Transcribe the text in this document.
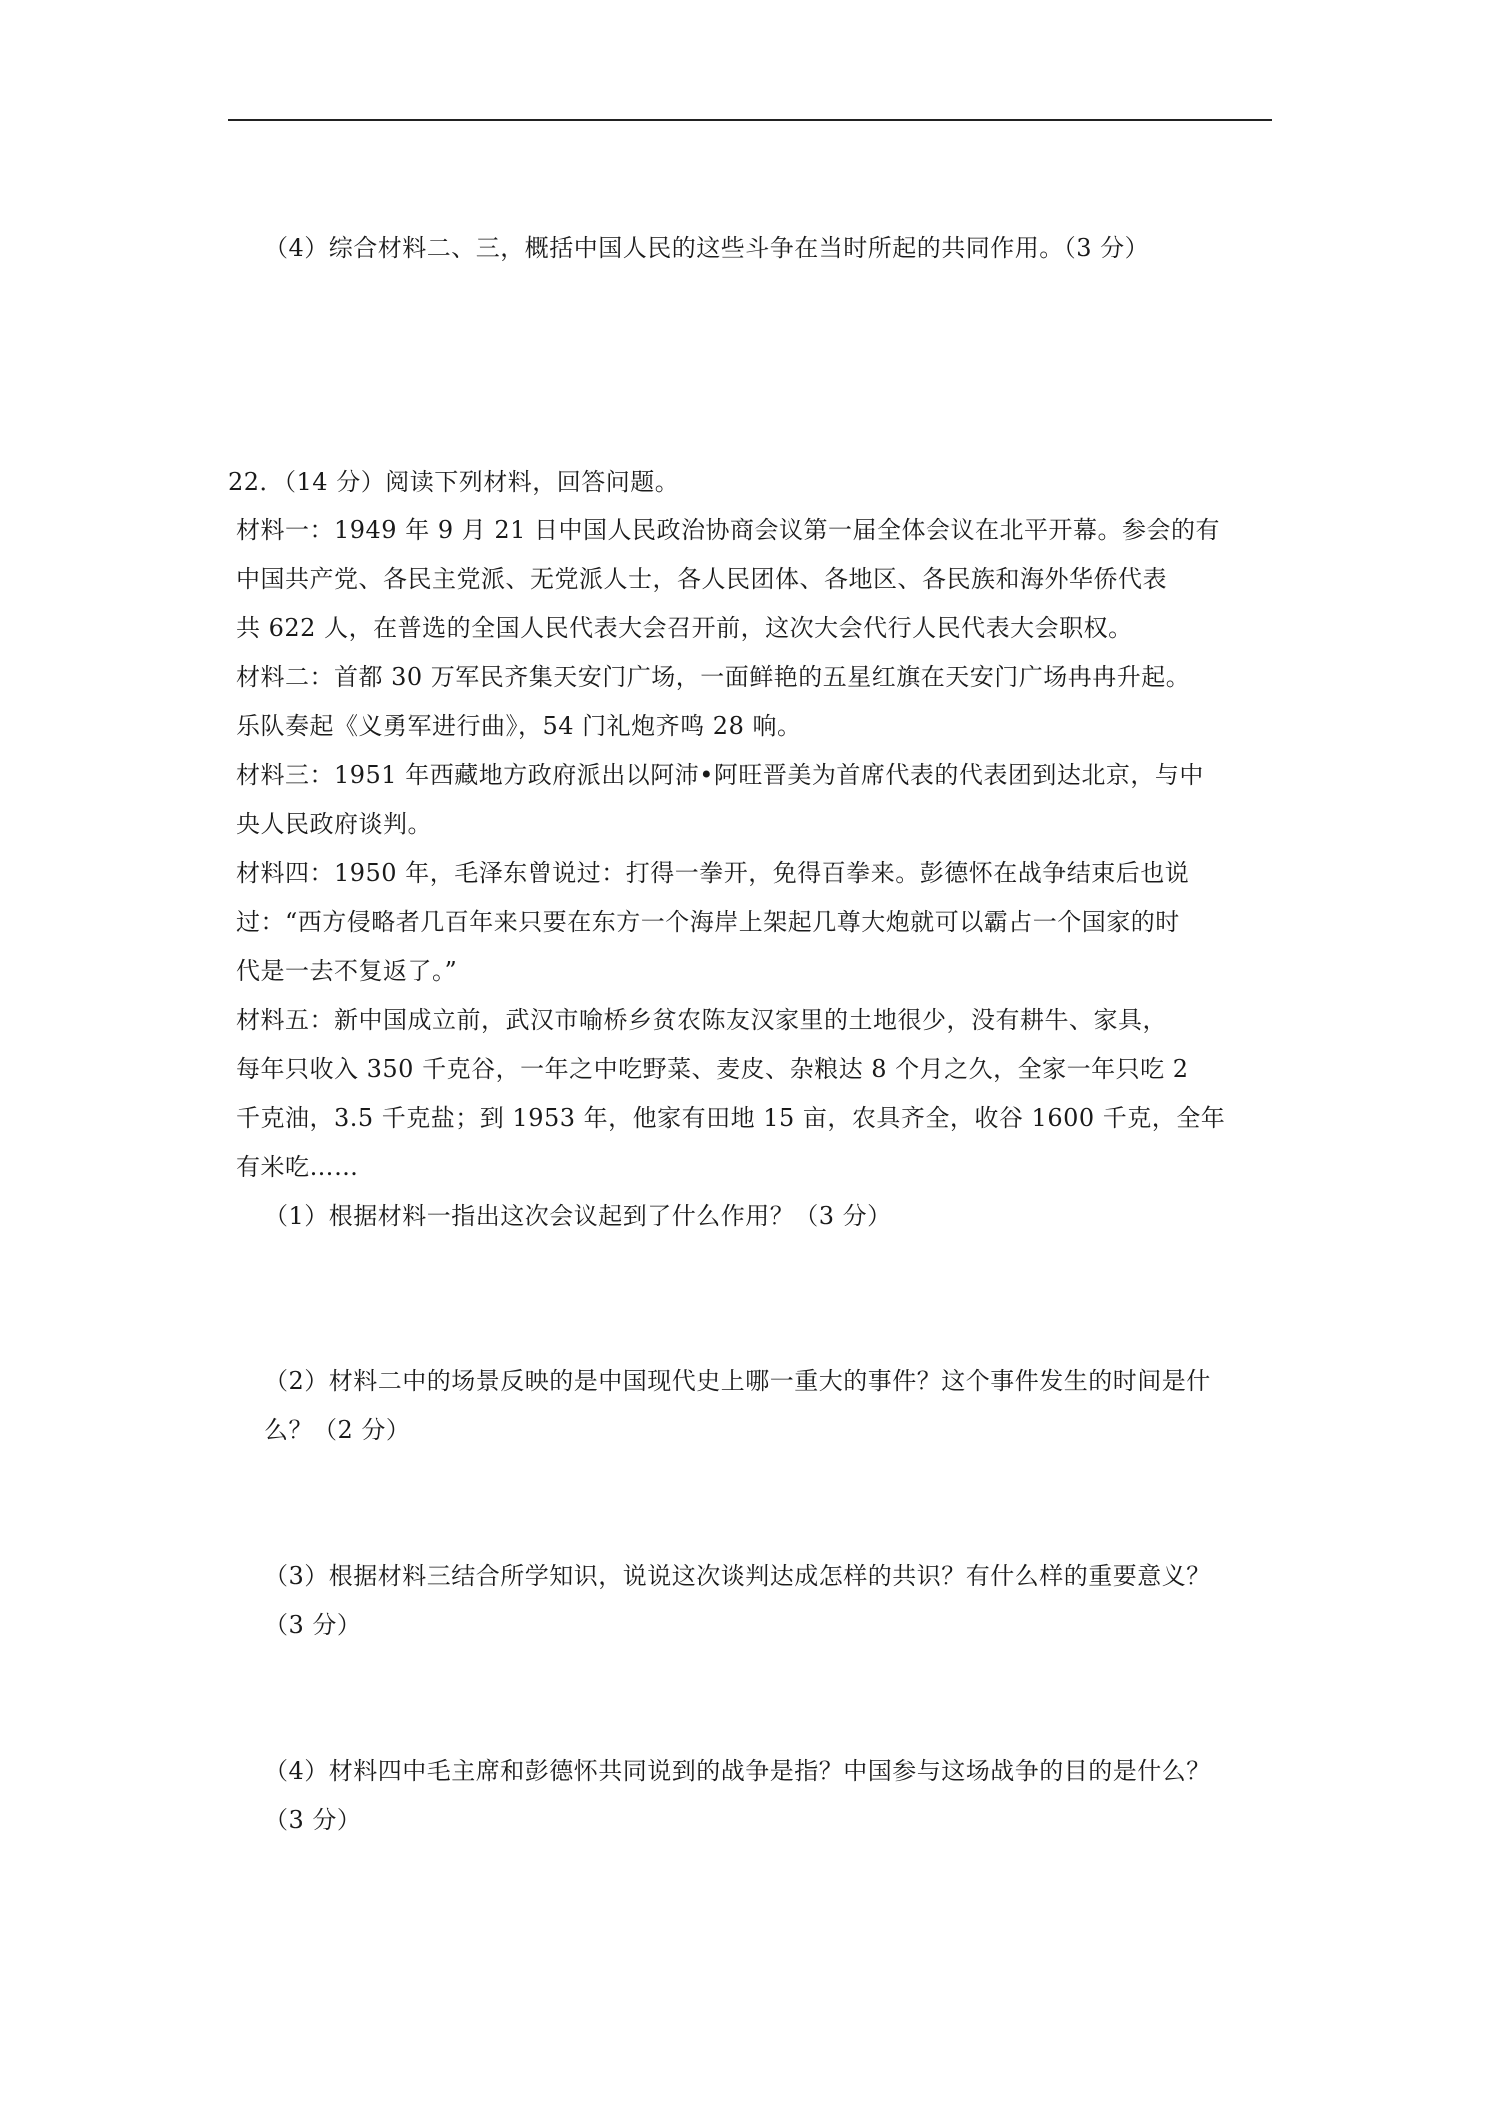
（4）综合材料二、三，概括中国人民的这些斗争在当时所起的共同作用。（3 分）
22．（14 分）阅读下列材料，回答问题。
材料一：1949 年 9 月 21 日中国人民政治协商会议第一届全体会议在北平开幕。参会的有
中国共产党、各民主党派、无党派人士，各人民团体、各地区、各民族和海外华侨代表
共 622 人，在普选的全国人民代表大会召开前，这次大会代行人民代表大会职权。
材料二：首都 30 万军民齐集天安门广场，一面鲜艳的五星红旗在天安门广场冉冉升起。
乐队奏起《义勇军进行曲》，54 门礼炮齐鸣 28 响。
材料三：1951 年西藏地方政府派出以阿沛•阿旺晋美为首席代表的代表团到达北京，与中
央人民政府谈判。
材料四：1950 年，毛泽东曾说过：打得一拳开，免得百拳来。彭德怀在战争结束后也说
过：“西方侵略者几百年来只要在东方一个海岸上架起几尊大炮就可以霸占一个国家的时
代是一去不复返了。”
材料五：新中国成立前，武汉市喻桥乡贫农陈友汉家里的土地很少，没有耕牛、家具，
每年只收入 350 千克谷，一年之中吃野菜、麦皮、杂粮达 8 个月之久，全家一年只吃 2
千克油，3.5 千克盐；到 1953 年，他家有田地 15 亩，农具齐全，收谷 1600 千克，全年
有米吃……
（1）根据材料一指出这次会议起到了什么作用？（3 分）
（2）材料二中的场景反映的是中国现代史上哪一重大的事件？这个事件发生的时间是什
么？（2 分）
（3）根据材料三结合所学知识，说说这次谈判达成怎样的共识？有什么样的重要意义？
（3 分）
（4）材料四中毛主席和彭德怀共同说到的战争是指？中国参与这场战争的目的是什么？
（3 分）
